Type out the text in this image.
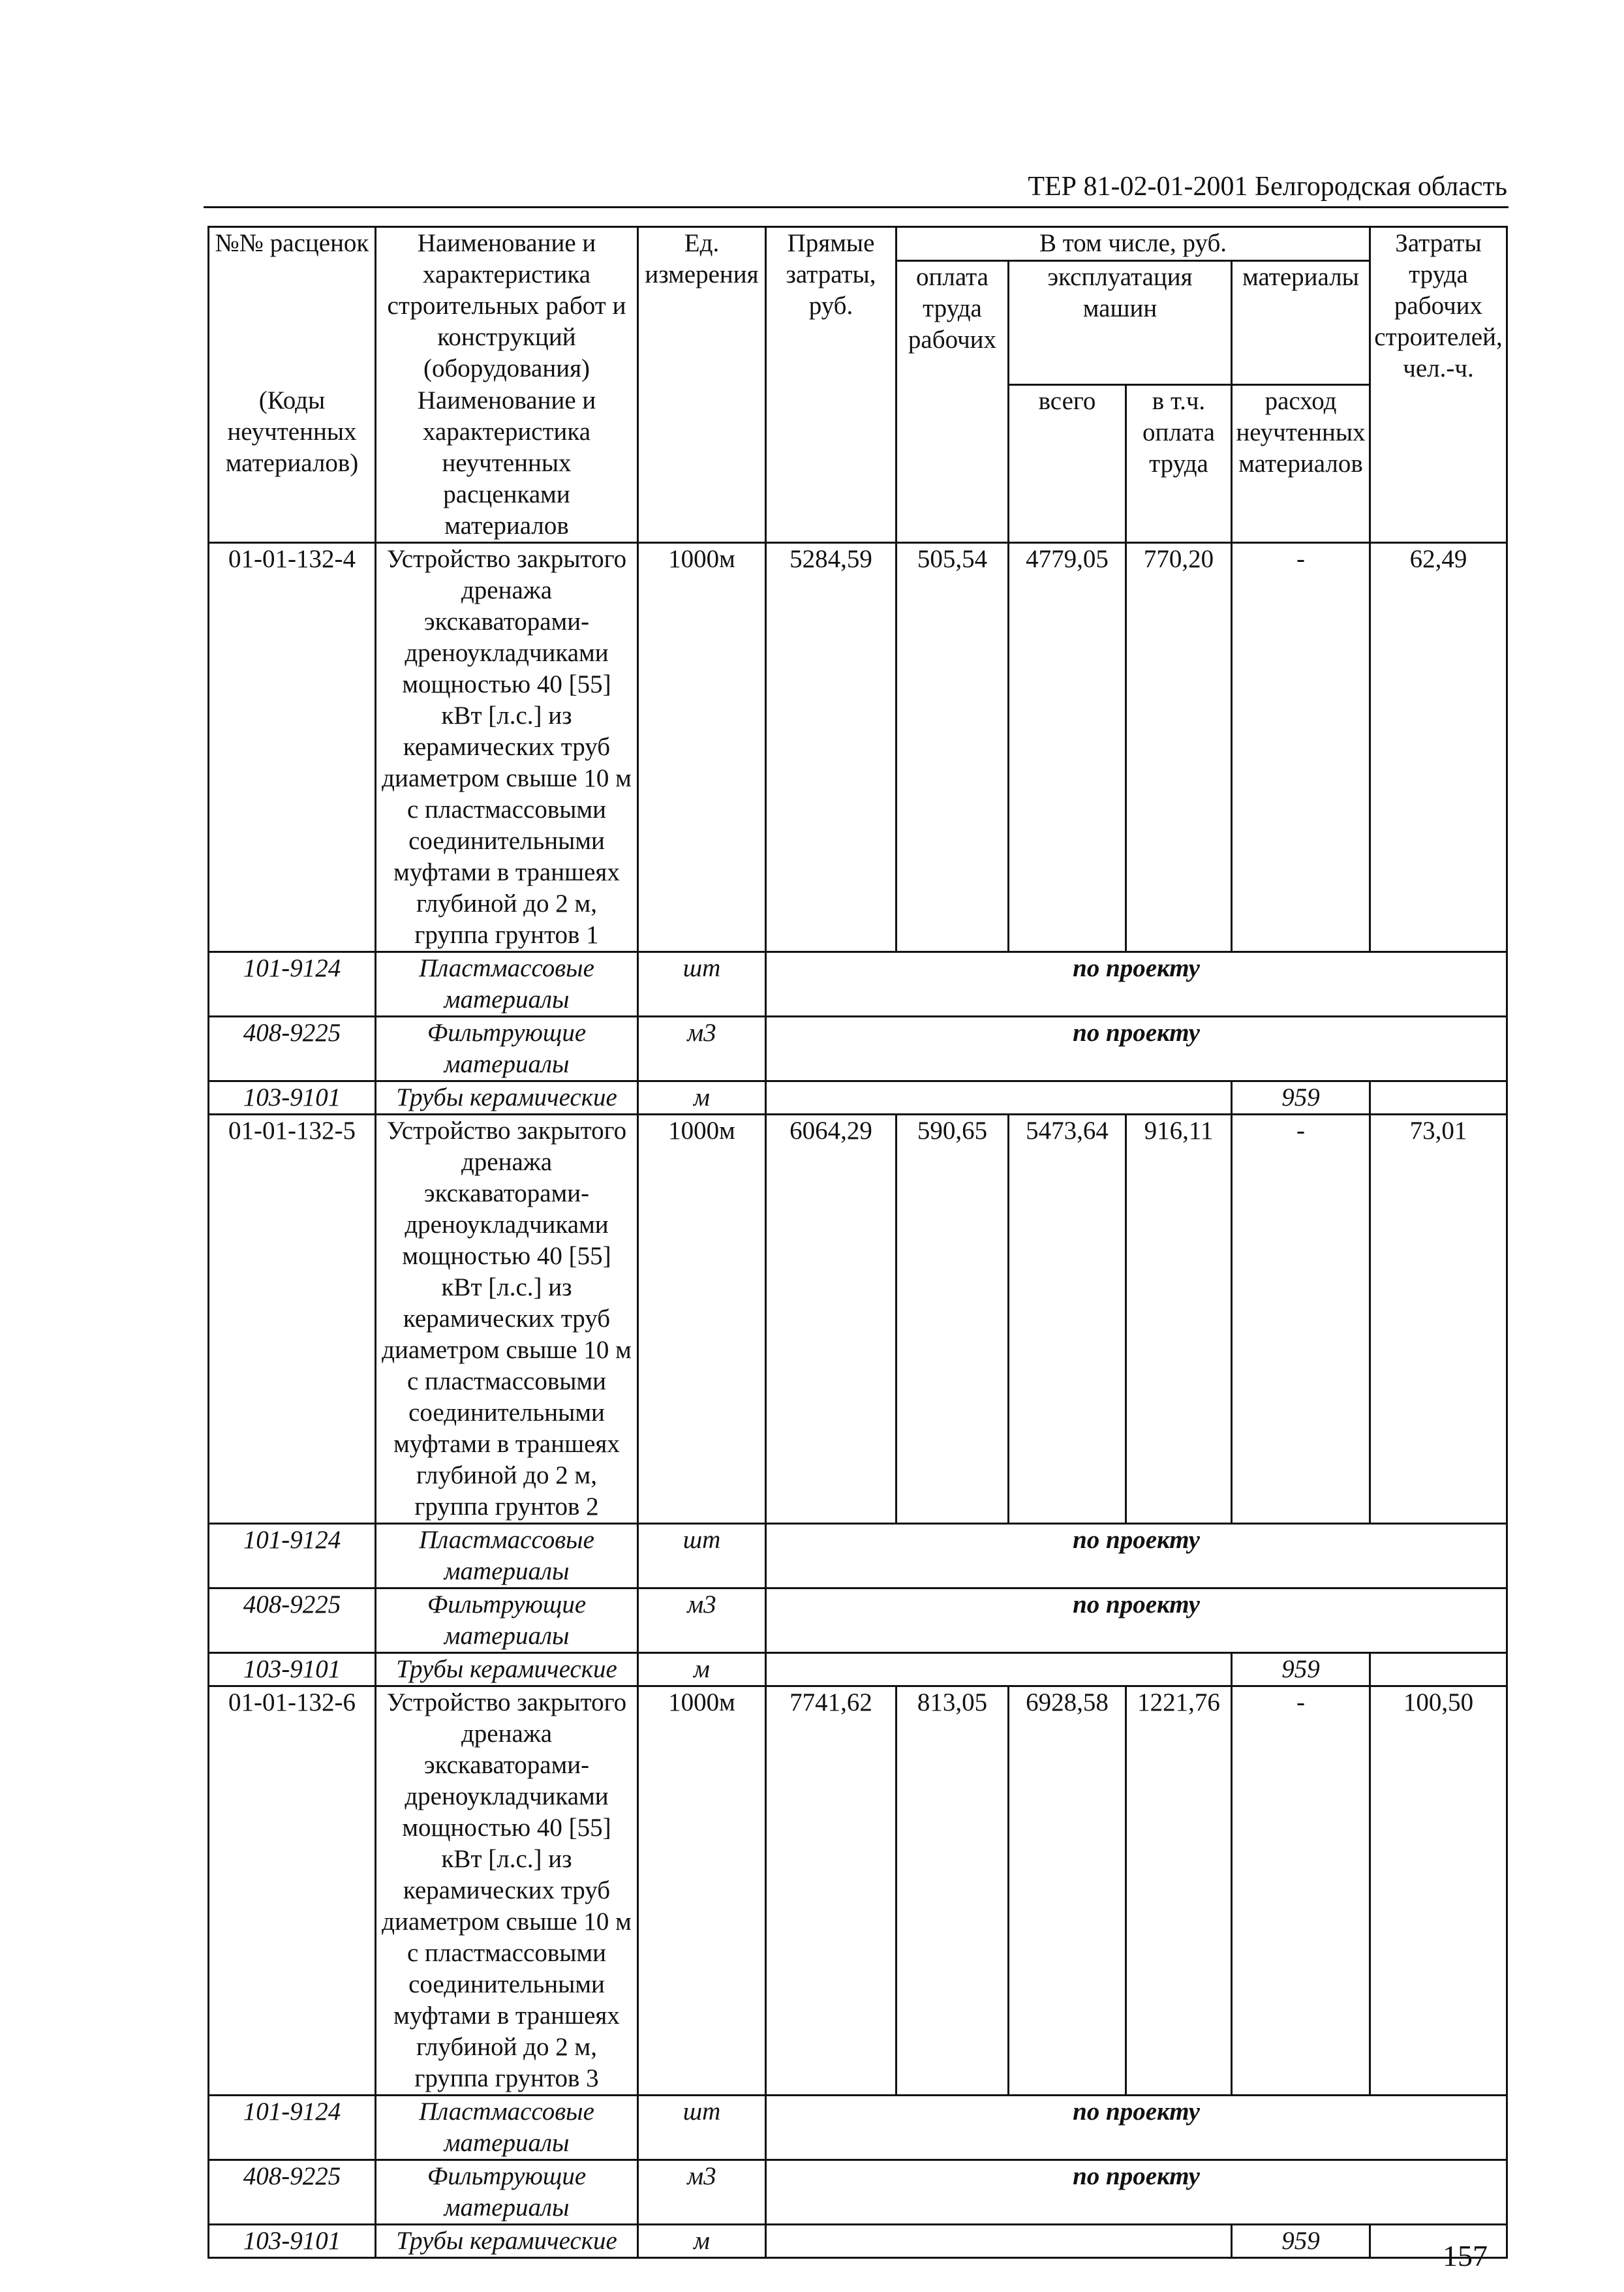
ТЕР 81-02-01-2001 Белгородская область
№№ расценок	Наименование и характеристика строительных работ и конструкций (оборудования)	Ед. измерения	Прямые затраты, руб.	В том числе, руб.				Затраты труда рабочих строителей, чел.-ч.
				оплата труда рабочих	эксплуатация машин		материалы	
(Коды неучтенных материалов)	Наименование и характеристика неучтенных расценками материалов				всего	в т.ч. оплата труда	расход неучтенных материалов	

01-01-132-4	Устройство закрытого дренажа экскаваторами-дреноукладчиками мощностью 40 [55] кВт [л.с.] из керамических труб диаметром свыше 10 м с пластмассовыми соединительными муфтами в траншеях глубиной до 2 м, группа грунтов 1	1000м	5284,59	505,54	4779,05	770,20	-	62,49
101-9124	Пластмассовые материалы	шт	по проекту					
408-9225	Фильтрующие материалы	м3	по проекту					
103-9101	Трубы керамические	м					959	
01-01-132-5	Устройство закрытого дренажа экскаваторами-дреноукладчиками мощностью 40 [55] кВт [л.с.] из керамических труб диаметром свыше 10 м с пластмассовыми соединительными муфтами в траншеях глубиной до 2 м, группа грунтов 2	1000м	6064,29	590,65	5473,64	916,11	-	73,01
101-9124	Пластмассовые материалы	шт	по проекту					
408-9225	Фильтрующие материалы	м3	по проекту					
103-9101	Трубы керамические	м					959	
01-01-132-6	Устройство закрытого дренажа экскаваторами-дреноукладчиками мощностью 40 [55] кВт [л.с.] из керамических труб диаметром свыше 10 м с пластмассовыми соединительными муфтами в траншеях глубиной до 2 м, группа грунтов 3	1000м	7741,62	813,05	6928,58	1221,76	-	100,50
101-9124	Пластмассовые материалы	шт	по проекту					
408-9225	Фильтрующие материалы	м3	по проекту					
103-9101	Трубы керамические	м					959		157
